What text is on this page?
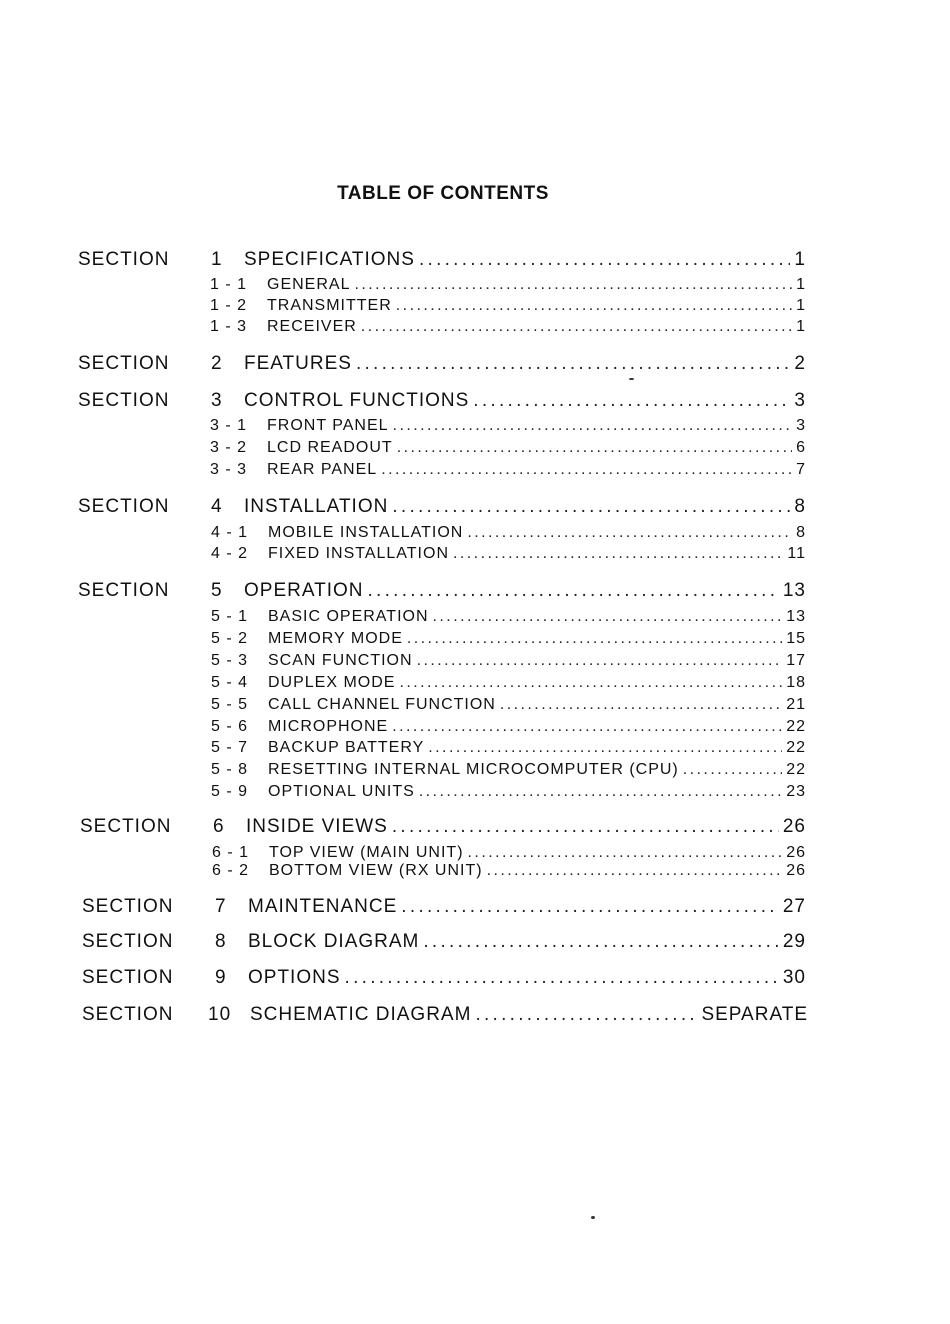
TABLE OF CONTENTS
SECTION	1	SPECIFICATIONS . . .	1
1 - 1	GENERAL . . .	1
1 - 2	TRANSMITTER . . .	1
1 - 3	RECEIVER . . .	1
SECTION	2	FEATURES . . .	2
SECTION	3	CONTROL FUNCTIONS . . .	3
3 - 1	FRONT PANEL . . .	3
3 - 2	LCD READOUT . . .	6
3 - 3	REAR PANEL . . .	7
SECTION	4	INSTALLATION . . .	8
4 - 1	MOBILE INSTALLATION . . .	8
4 - 2	FIXED INSTALLATION . . .	11
SECTION	5	OPERATION . . .	13
5 - 1	BASIC OPERATION . . .	13
5 - 2	MEMORY MODE . . .	15
5 - 3	SCAN FUNCTION . . .	17
5 - 4	DUPLEX MODE . . .	18
5 - 5	CALL CHANNEL FUNCTION . . .	21
5 - 6	MICROPHONE . . .	22
5 - 7	BACKUP BATTERY . . .	22
5 - 8	RESETTING INTERNAL MICROCOMPUTER (CPU) . . .	22
5 - 9	OPTIONAL UNITS . . .	23
SECTION	6	INSIDE VIEWS . . .	26
6 - 1	TOP VIEW (MAIN UNIT) . . .	26
6 - 2	BOTTOM VIEW (RX UNIT) . . .	26
SECTION	7	MAINTENANCE . . .	27
SECTION	8	BLOCK DIAGRAM . . .	29
SECTION	9	OPTIONS . . .	30
SECTION	10 SCHEMATIC DIAGRAM . . .	SEPARATE
